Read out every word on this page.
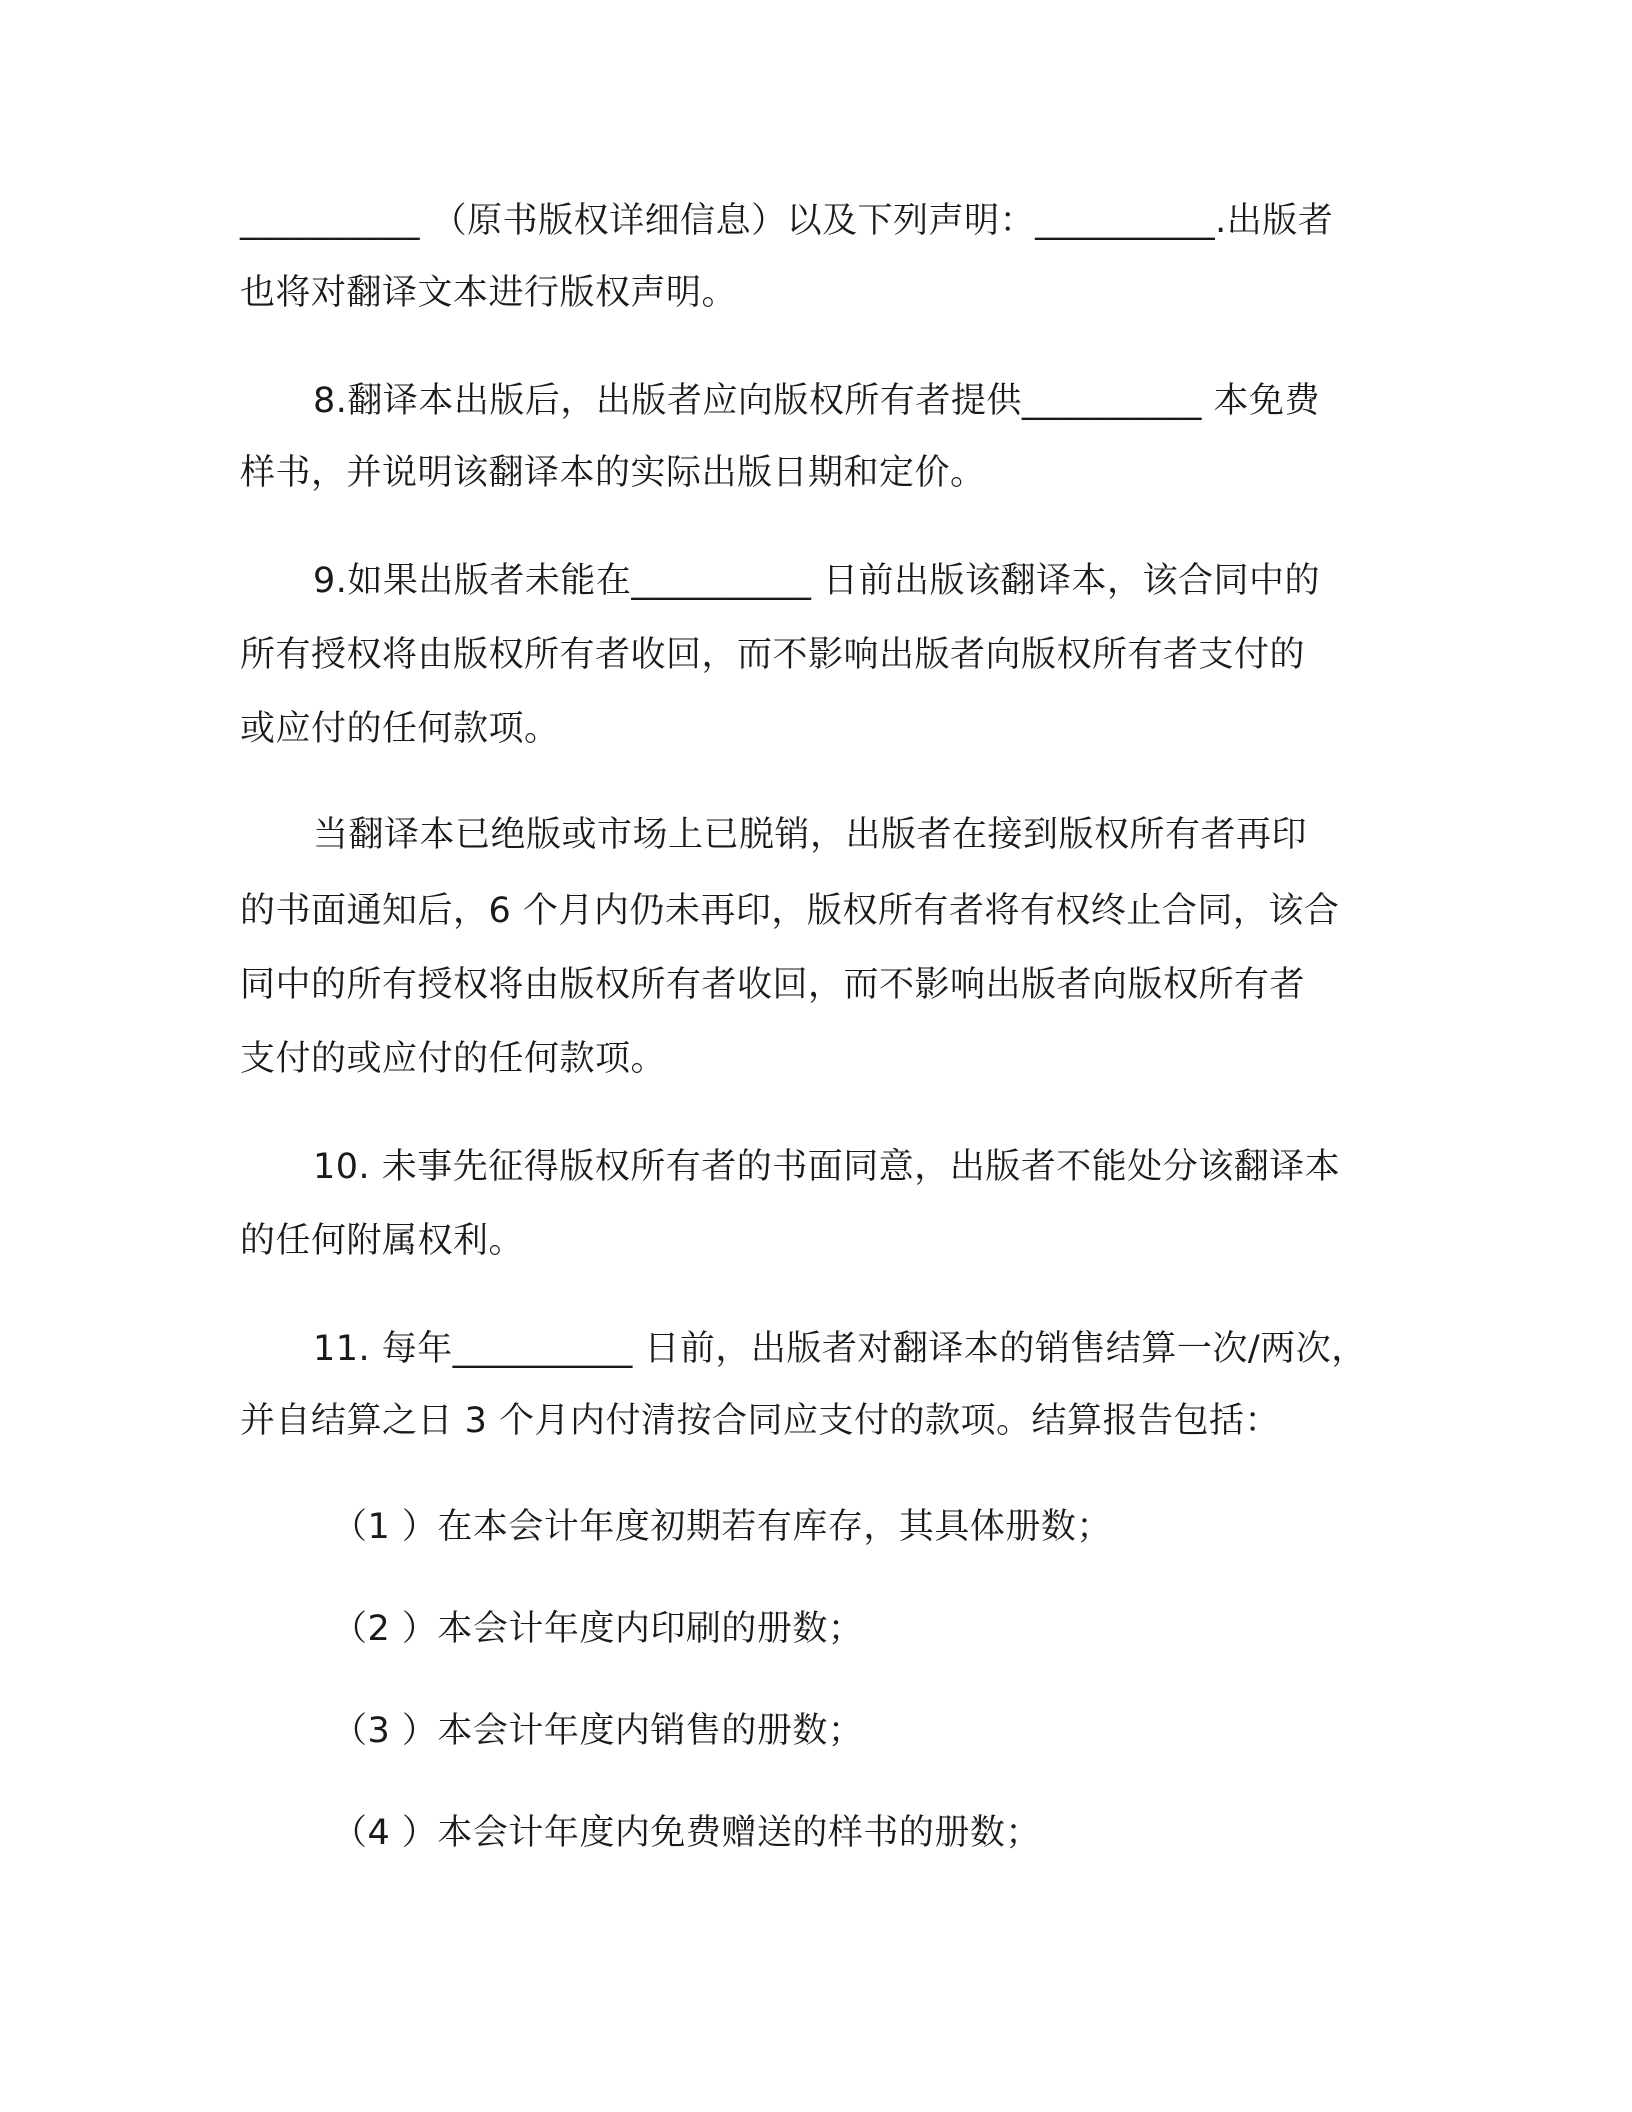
__________ （原书版权详细信息）以及下列声明：__________.出版者

也将对翻译文本进行版权声明。

8.翻译本出版后，出版者应向版权所有者提供__________ 本免费

样书，并说明该翻译本的实际出版日期和定价。

9.如果出版者未能在__________ 日前出版该翻译本，该合同中的

所有授权将由版权所有者收回，而不影响出版者向版权所有者支付的

或应付的任何款项。

当翻译本已绝版或市场上已脱销，出版者在接到版权所有者再印

的书面通知后，6 个月内仍未再印，版权所有者将有权终止合同，该合

同中的所有授权将由版权所有者收回，而不影响出版者向版权所有者

支付的或应付的任何款项。

10. 未事先征得版权所有者的书面同意，出版者不能处分该翻译本

的任何附属权利。

11. 每年__________ 日前，出版者对翻译本的销售结算一次/两次，

并自结算之日 3 个月内付清按合同应支付的款项。结算报告包括：

（1 ）在本会计年度初期若有库存，其具体册数；

（2 ）本会计年度内印刷的册数；

（3 ）本会计年度内销售的册数；

（4 ）本会计年度内免费赠送的样书的册数；
